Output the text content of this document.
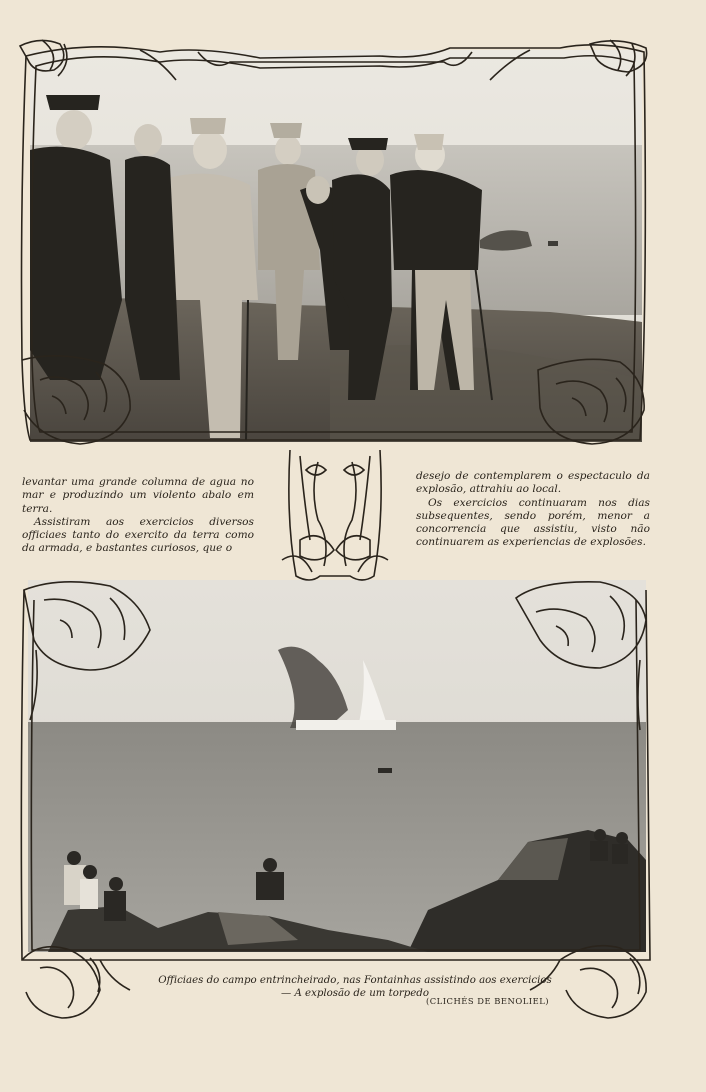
levantar uma grande columna de agua no mar e produzindo um violento abalo em terra.

Assistiram aos exercicios diversos officiaes tanto do exercito da terra como da armada, e bastantes curiosos, que o

desejo de contemplarem o espectaculo da explosão, attrahiu ao local.

Os exercicios continuaram nos dias subsequentes, sendo porém, menor a concorrencia que assistiu, visto não continuarem as experiencias de explosões.

Officiaes do campo entrincheirado, nas Fontainhas assistindo aos exercicios
— A explosão de um torpedo
(CLICHÉS DE BENOLIEL)
